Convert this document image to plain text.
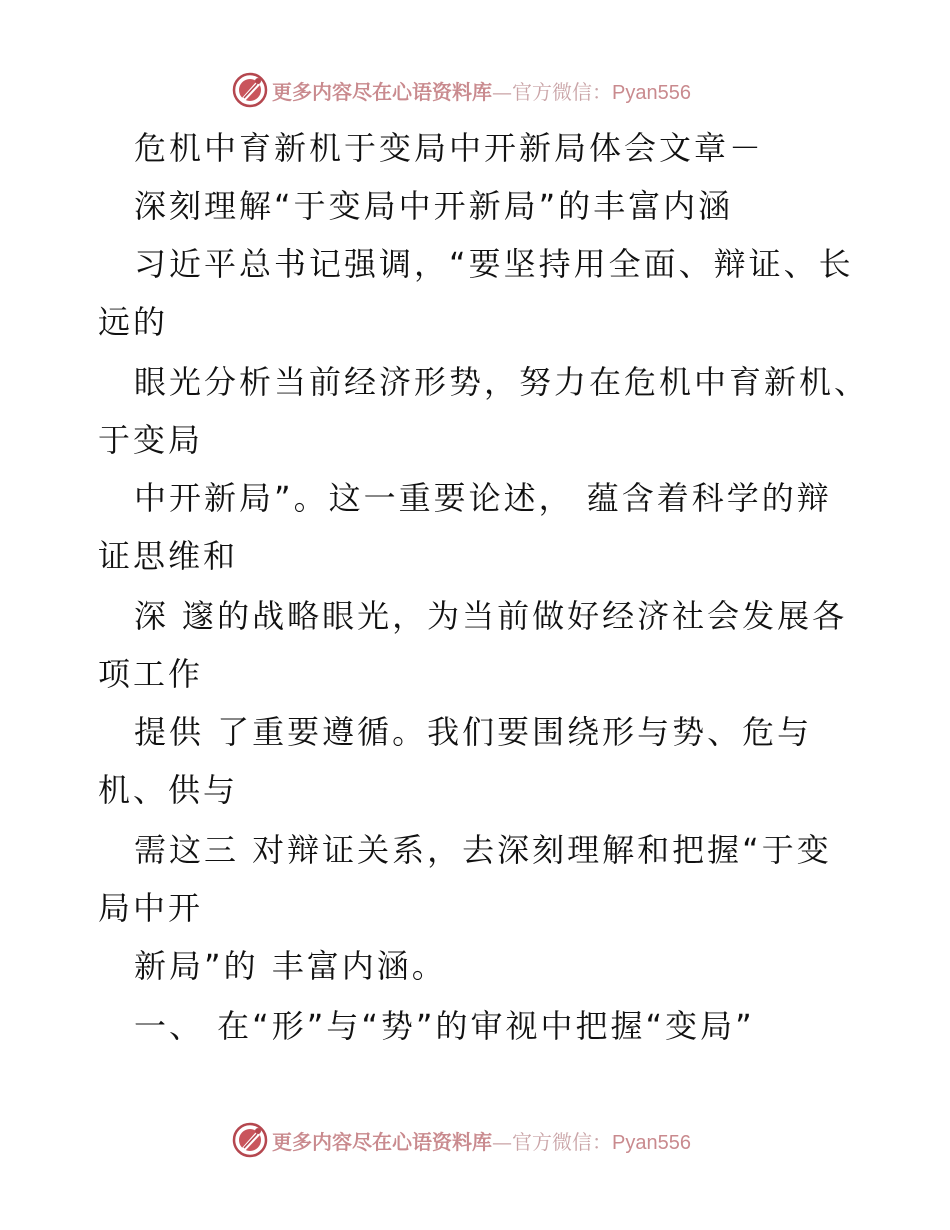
更多内容尽在心语资料库—官方微信：Pyan556
危机中育新机于变局中开新局体会文章－
深刻理解“于变局中开新局”的丰富内涵
习近平总书记强调，“要坚持用全面、辩证、长
远的
眼光分析当前经济形势，努力在危机中育新机、
于变局
中开新局”。这一重要论述， 蕴含着科学的辩
证思维和
深 邃的战略眼光，为当前做好经济社会发展各
项工作
提供 了重要遵循。我们要围绕形与势、危与
机、供与
需这三 对辩证关系，去深刻理解和把握“于变
局中开
新局”的 丰富内涵。
一、 在“形”与“势”的审视中把握“变局”
更多内容尽在心语资料库—官方微信：Pyan556
